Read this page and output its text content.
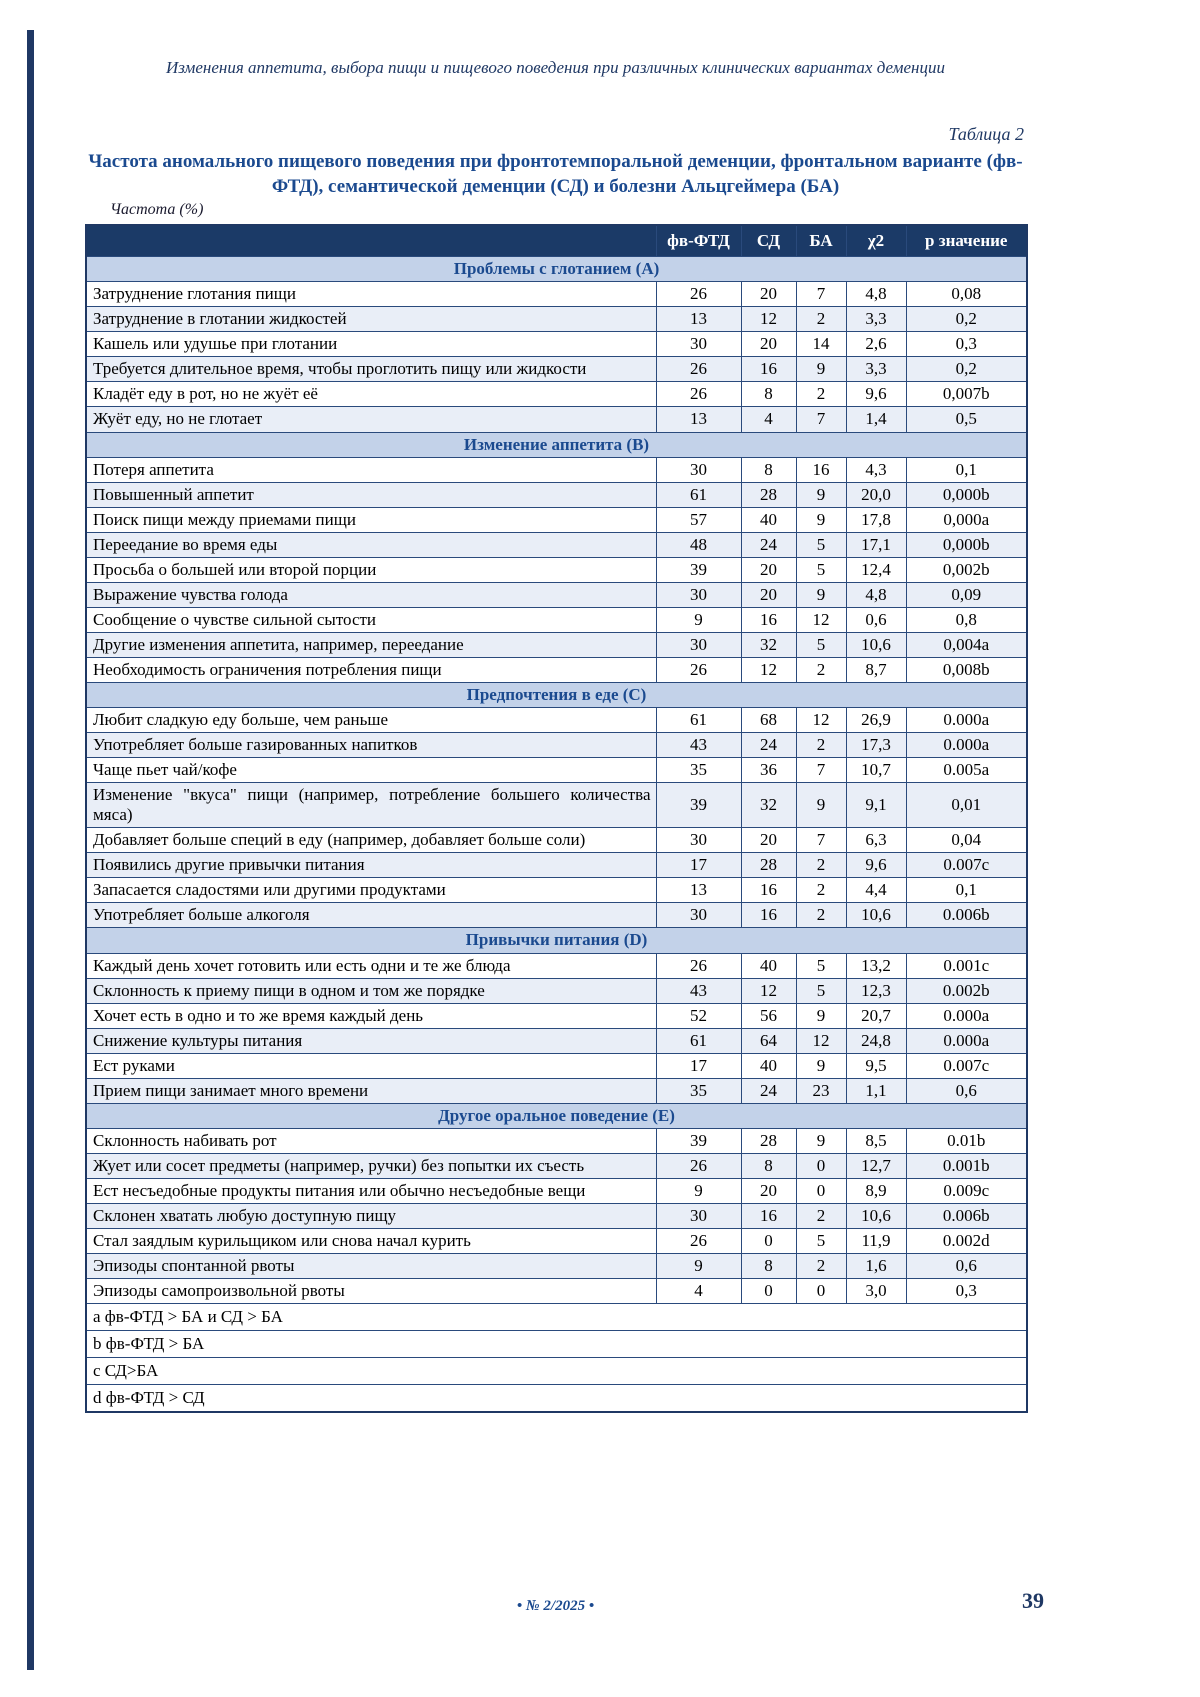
Изменения аппетита, выбора пищи и пищевого поведения при различных клинических вариантах деменции
Таблица 2
Частота аномального пищевого поведения при фронтотемпоральной деменции, фронтальном варианте (фв-ФТД), семантической деменции (СД) и болезни Альцгеймера (БА)
Частота (%)
	фв-ФТД	СД	БА	χ2	p значение
Проблемы с глотанием (A)					
Затруднение глотания пищи	26	20	7	4,8	0,08
Затруднение в глотании жидкостей	13	12	2	3,3	0,2
Кашель или удушье при глотании	30	20	14	2,6	0,3
Требуется длительное время, чтобы проглотить пищу или жидкости	26	16	9	3,3	0,2
Кладёт еду в рот, но не жуёт её	26	8	2	9,6	0,007b
Жуёт еду, но не глотает	13	4	7	1,4	0,5
Изменение аппетита (B)					
Потеря аппетита	30	8	16	4,3	0,1
Повышенный аппетит	61	28	9	20,0	0,000b
Поиск пищи между приемами пищи	57	40	9	17,8	0,000a
Переедание во время еды	48	24	5	17,1	0,000b
Просьба о большей или второй порции	39	20	5	12,4	0,002b
Выражение чувства голода	30	20	9	4,8	0,09
Сообщение о чувстве сильной сытости	9	16	12	0,6	0,8
Другие изменения аппетита, например, переедание	30	32	5	10,6	0,004a
Необходимость ограничения потребления пищи	26	12	2	8,7	0,008b
Предпочтения в еде (C)					
Любит сладкую еду больше, чем раньше	61	68	12	26,9	0.000a
Употребляет больше газированных напитков	43	24	2	17,3	0.000a
Чаще пьет чай/кофе	35	36	7	10,7	0.005a
Изменение "вкуса" пищи (например, потребление большего количества мяса)	39	32	9	9,1	0,01
Добавляет больше специй в еду (например, добавляет больше соли)	30	20	7	6,3	0,04
Появились другие привычки питания	17	28	2	9,6	0.007c
Запасается сладостями или другими продуктами	13	16	2	4,4	0,1
Употребляет больше алкоголя	30	16	2	10,6	0.006b
Привычки питания (D)					
Каждый день хочет готовить или есть одни и те же блюда	26	40	5	13,2	0.001c
Склонность к приему пищи в одном и том же порядке	43	12	5	12,3	0.002b
Хочет есть в одно и то же время каждый день	52	56	9	20,7	0.000a
Снижение культуры питания	61	64	12	24,8	0.000a
Ест руками	17	40	9	9,5	0.007c
Прием пищи занимает много времени	35	24	23	1,1	0,6
Другое оральное поведение (E)					
Склонность набивать рот	39	28	9	8,5	0.01b
Жует или сосет предметы (например, ручки) без попытки их съесть	26	8	0	12,7	0.001b
Ест несъедобные продукты питания или обычно несъедобные вещи	9	20	0	8,9	0.009c
Склонен хватать любую доступную пищу	30	16	2	10,6	0.006b
Стал заядлым курильщиком или снова начал курить	26	0	5	11,9	0.002d
Эпизоды спонтанной рвоты	9	8	2	1,6	0,6
Эпизоды самопроизвольной рвоты	4	0	0	3,0	0,3
a фв-ФТД > БА и СД > БА					
b фв-ФТД > БА					
c СД>БА					
d фв-ФТД > СД					
• № 2/2025 •	39
